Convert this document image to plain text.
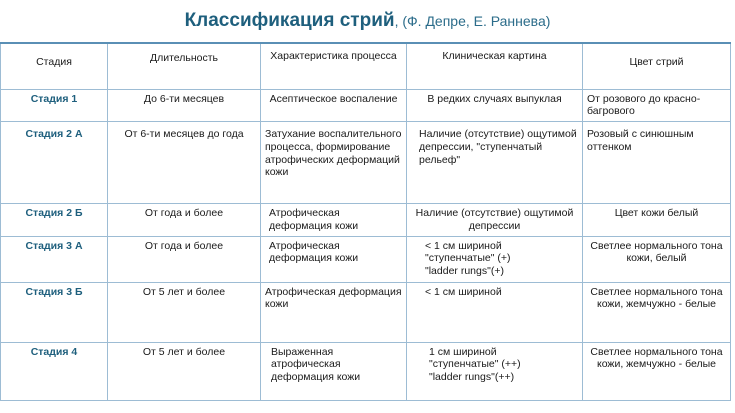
Классификация стрий, (Ф. Депре, Е. Раннева)
Стадия	Длительность	Характеристика процесса	Клиническая картина	Цвет стрий
Стадия 1	До 6-ти месяцев	Асептическое воспаление	В редких случаях выпуклая	От розового до красно-багрового
Стадия 2 А	От 6-ти месяцев до года	Затухание воспалительного процесса, формирование атрофических деформаций кожи	Наличие (отсутствие) ощутимой депрессии, "ступенчатый рельеф"	Розовый с синюшным оттенком
Стадия 2 Б	От года и более	Атрофическая деформация кожи	Наличие (отсутствие) ощутимой депрессии	Цвет кожи белый
Стадия 3 А	От года и более	Атрофическая деформация кожи	< 1 см шириной "ступенчатые" (+) "ladder rungs"(+)	Светлее нормального тона кожи, белый
Стадия 3 Б	От 5 лет и более	Атрофическая деформация кожи	< 1 см шириной	Светлее нормального тона кожи, жемчужно - белые
Стадия 4	От 5 лет и более	Выраженная атрофическая деформация кожи	1 см шириной "ступенчатые" (++) "ladder rungs"(++)	Светлее нормального тона кожи, жемчужно - белые
